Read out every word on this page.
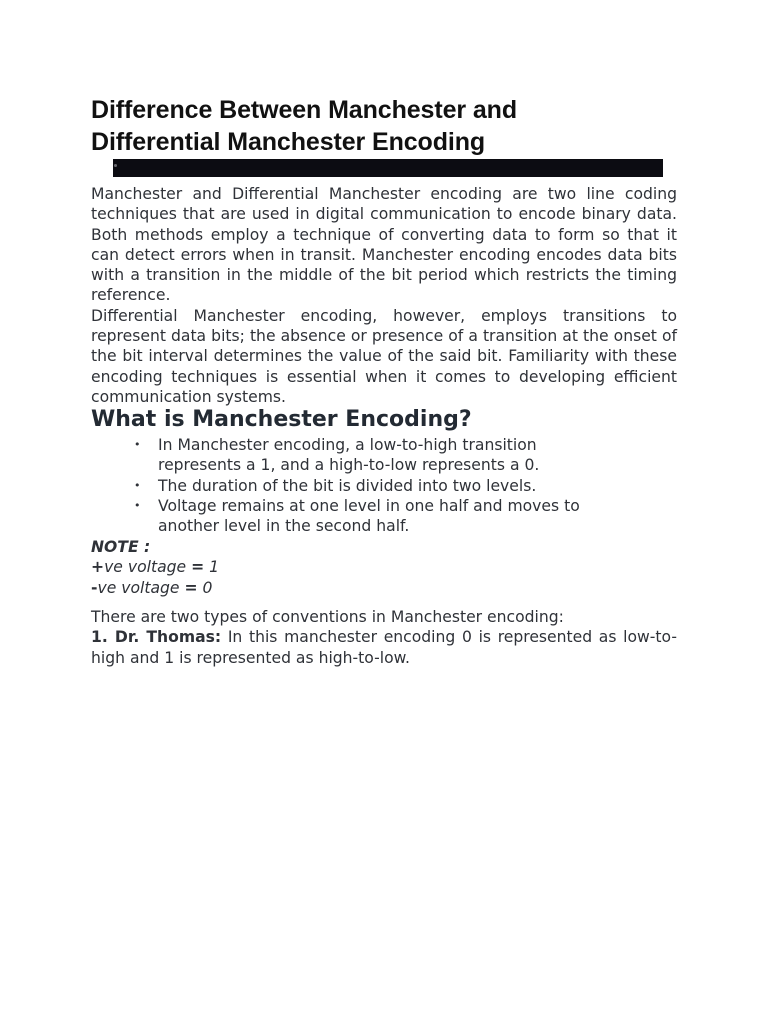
Difference Between Manchester and
Differential Manchester Encoding

Manchester and Differential Manchester encoding are two line coding techniques that are used in digital communication to encode binary data. Both methods employ a technique of converting data to form so that it can detect errors when in transit. Manchester encoding encodes data bits with a transition in the middle of the bit period which restricts the timing reference.

Differential Manchester encoding, however, employs transitions to represent data bits; the absence or presence of a transition at the onset of the bit interval determines the value of the said bit. Familiarity with these encoding techniques is essential when it comes to developing efficient communication systems.

What is Manchester Encoding?
• In Manchester encoding, a low-to-high transition represents a 1, and a high-to-low represents a 0.
• The duration of the bit is divided into two levels.
• Voltage remains at one level in one half and moves to another level in the second half.
NOTE :
+ve voltage = 1
-ve voltage = 0

There are two types of conventions in Manchester encoding:

1. Dr. Thomas: In this manchester encoding 0 is represented as low-to-high and 1 is represented as high-to-low.
